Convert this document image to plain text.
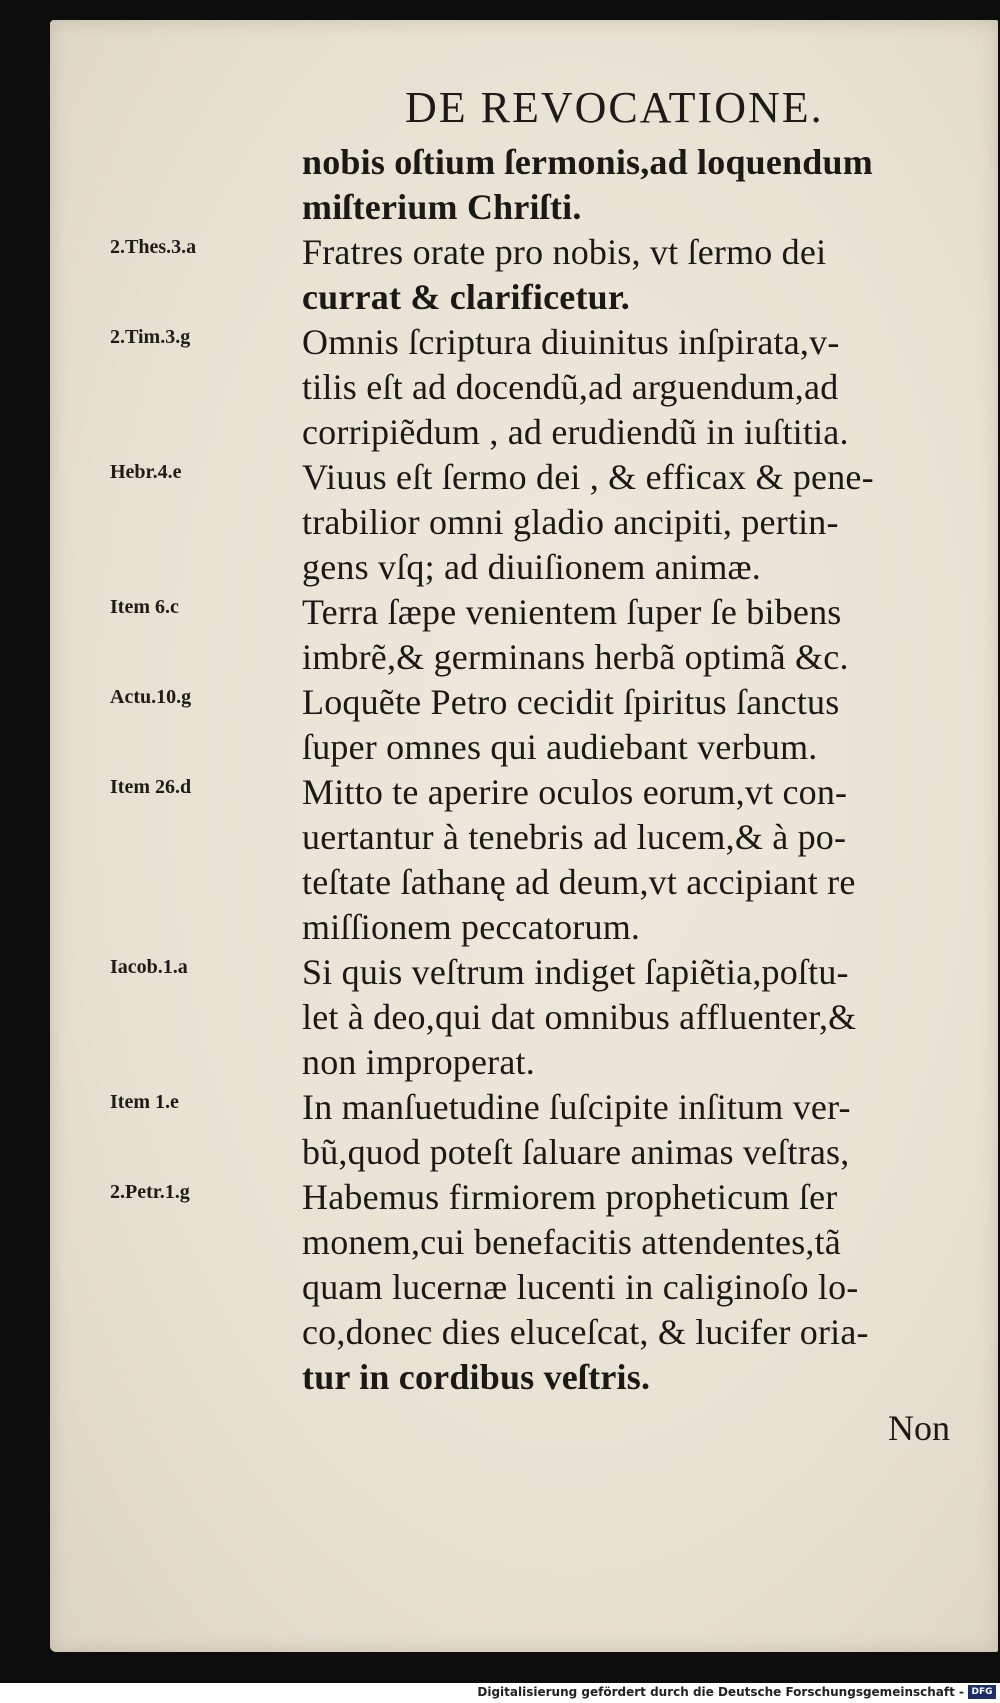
DE REVOCATIONE.
2.Thes.3.a
2.Tim.3.g
Hebr.4.e
Item 6.c
Actu.10.g
Item 26.d
Iacob.1.a
Item 1.e
2.Petr.1.g
nobis oſtium ſermonis,ad loquendum
miſterium Chriſti.
Fratres orate pro nobis, vt ſermo dei
currat & clarificetur.
Omnis ſcriptura diuinitus inſpirata,v-
tilis eſt ad docendũ,ad arguendum,ad
corripiẽdum , ad erudiendũ in iuſtitia.
Viuus eſt ſermo dei , & efficax & pene-
trabilior omni gladio ancipiti, pertin-
gens vſq; ad diuiſionem animæ.
Terra ſæpe venientem ſuper ſe bibens
imbrẽ,& germinans herbã optimã &c.
Loquẽte Petro cecidit ſpiritus ſanctus
ſuper omnes qui audiebant verbum.
Mitto te aperire oculos eorum,vt con-
uertantur à tenebris ad lucem,& à po-
teſtate ſathanę ad deum,vt accipiant re
miſſionem peccatorum.
Si quis veſtrum indiget ſapiẽtia,poſtu-
let à deo,qui dat omnibus affluenter,&
non improperat.
In manſuetudine ſuſcipite inſitum ver-
bũ,quod poteſt ſaluare animas veſtras,
Habemus firmiorem propheticum ſer
monem,cui benefacitis attendentes,tã
quam lucernæ lucenti in caliginoſo lo-
co,donec dies eluceſcat, & lucifer oria-
tur in cordibus veſtris.
Non
Digitalisierung gefördert durch die Deutsche Forschungsgemeinschaft - DFG
